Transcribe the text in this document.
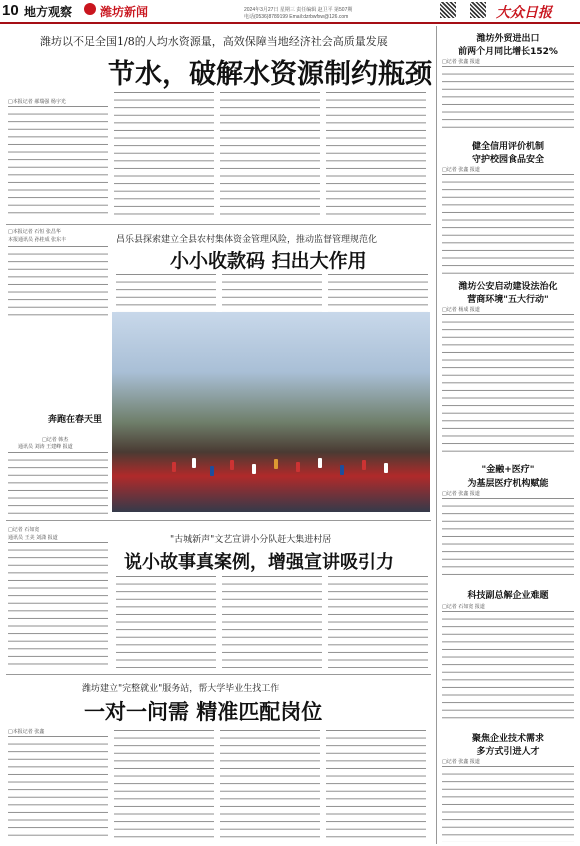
10 地方观察 潍坊新闻	2024年3月27日 星期三 责任编辑 赵卫平 第507期
电话(0536)8789199 Email:dzrbwfxw@126.com	大众日报
潍坊以不足全国1/8的人均水资源量，高效保障当地经济社会高质量发展
节水，破解水资源制约瓶颈
□本报记者 郝瑞强 杨宇光
潍坊外贸进出口
前两个月同比增长152%
□记者 张鑫 报道
健全信用评价机制
守护校园食品安全
□记者 张鑫 报道
潍坊公安启动建设法治化
营商环境"五大行动"
□记者 杨成 报道
"金融+医疗"
为基层医疗机构赋能
□记者 张鑫 报道
科技副总解企业难题
□记者 石如宽 报道
聚焦企业技术需求
多方式引进人才
□记者 张鑫 报道
□本报记者 石恒 张昌华
本报通讯员 孙桂成 张东丰	昌乐县探索建立全县农村集体资金管理风险，推动监督管理规范化
小小收款码 扫出大作用
奔跑在春天里
□记者 韩杰
通讯员 刘涛 王建峰 报道
□记者 石如宽
通讯员 王美 刘潇 报道	"古城新声"文艺宣讲小分队赶大集进村居
说小故事真案例，增强宣讲吸引力
潍坊建立"完整就业"服务站，帮大学毕业生找工作
一对一问需 精准匹配岗位
□本报记者 张鑫
